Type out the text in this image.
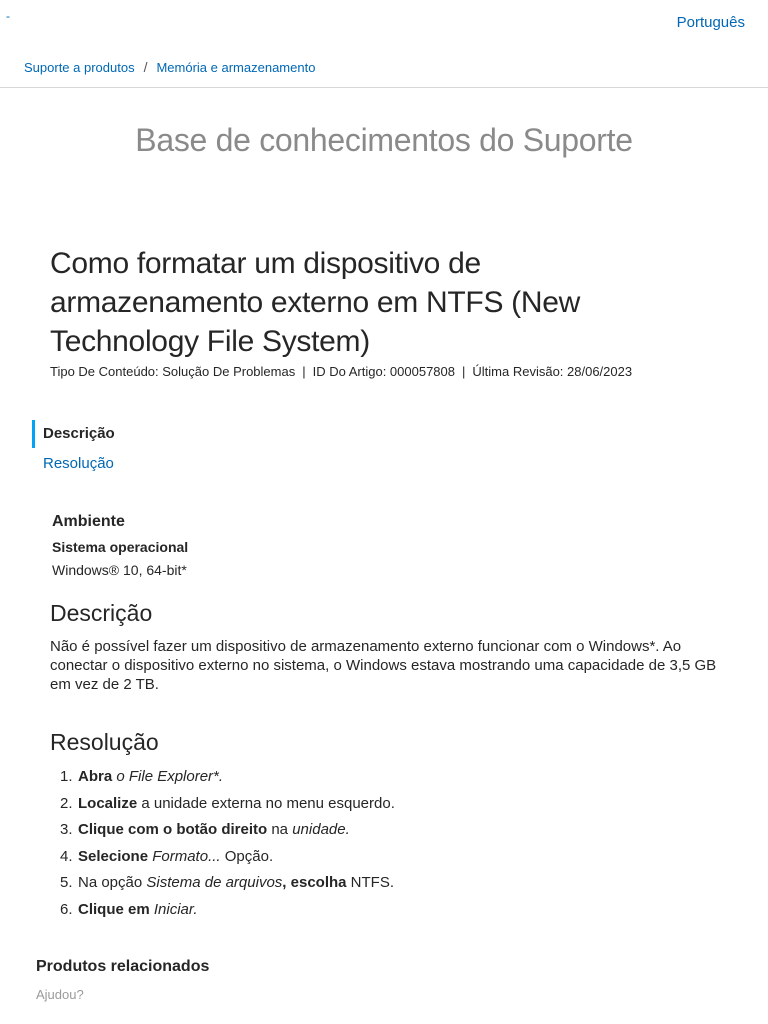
-	Português
Suporte a produtos / Memória e armazenamento
Base de conhecimentos do Suporte
Como formatar um dispositivo de armazenamento externo em NTFS (New Technology File System)
Tipo De Conteúdo: Solução De Problemas | ID Do Artigo: 000057808 | Última Revisão: 28/06/2023
Descrição
Resolução
Ambiente
Sistema operacional
Windows® 10, 64-bit*
Descrição

Não é possível fazer um dispositivo de armazenamento externo funcionar com o Windows*. Ao conectar o dispositivo externo no sistema, o Windows estava mostrando uma capacidade de 3,5 GB em vez de 2 TB.

Resolução
1. Abra o File Explorer*.
2. Localize a unidade externa no menu esquerdo.
3. Clique com o botão direito na unidade.
4. Selecione Formato... Opção.
5. Na opção Sistema de arquivos, escolha NTFS.
6. Clique em Iniciar.
Produtos relacionados
Ajudou?
